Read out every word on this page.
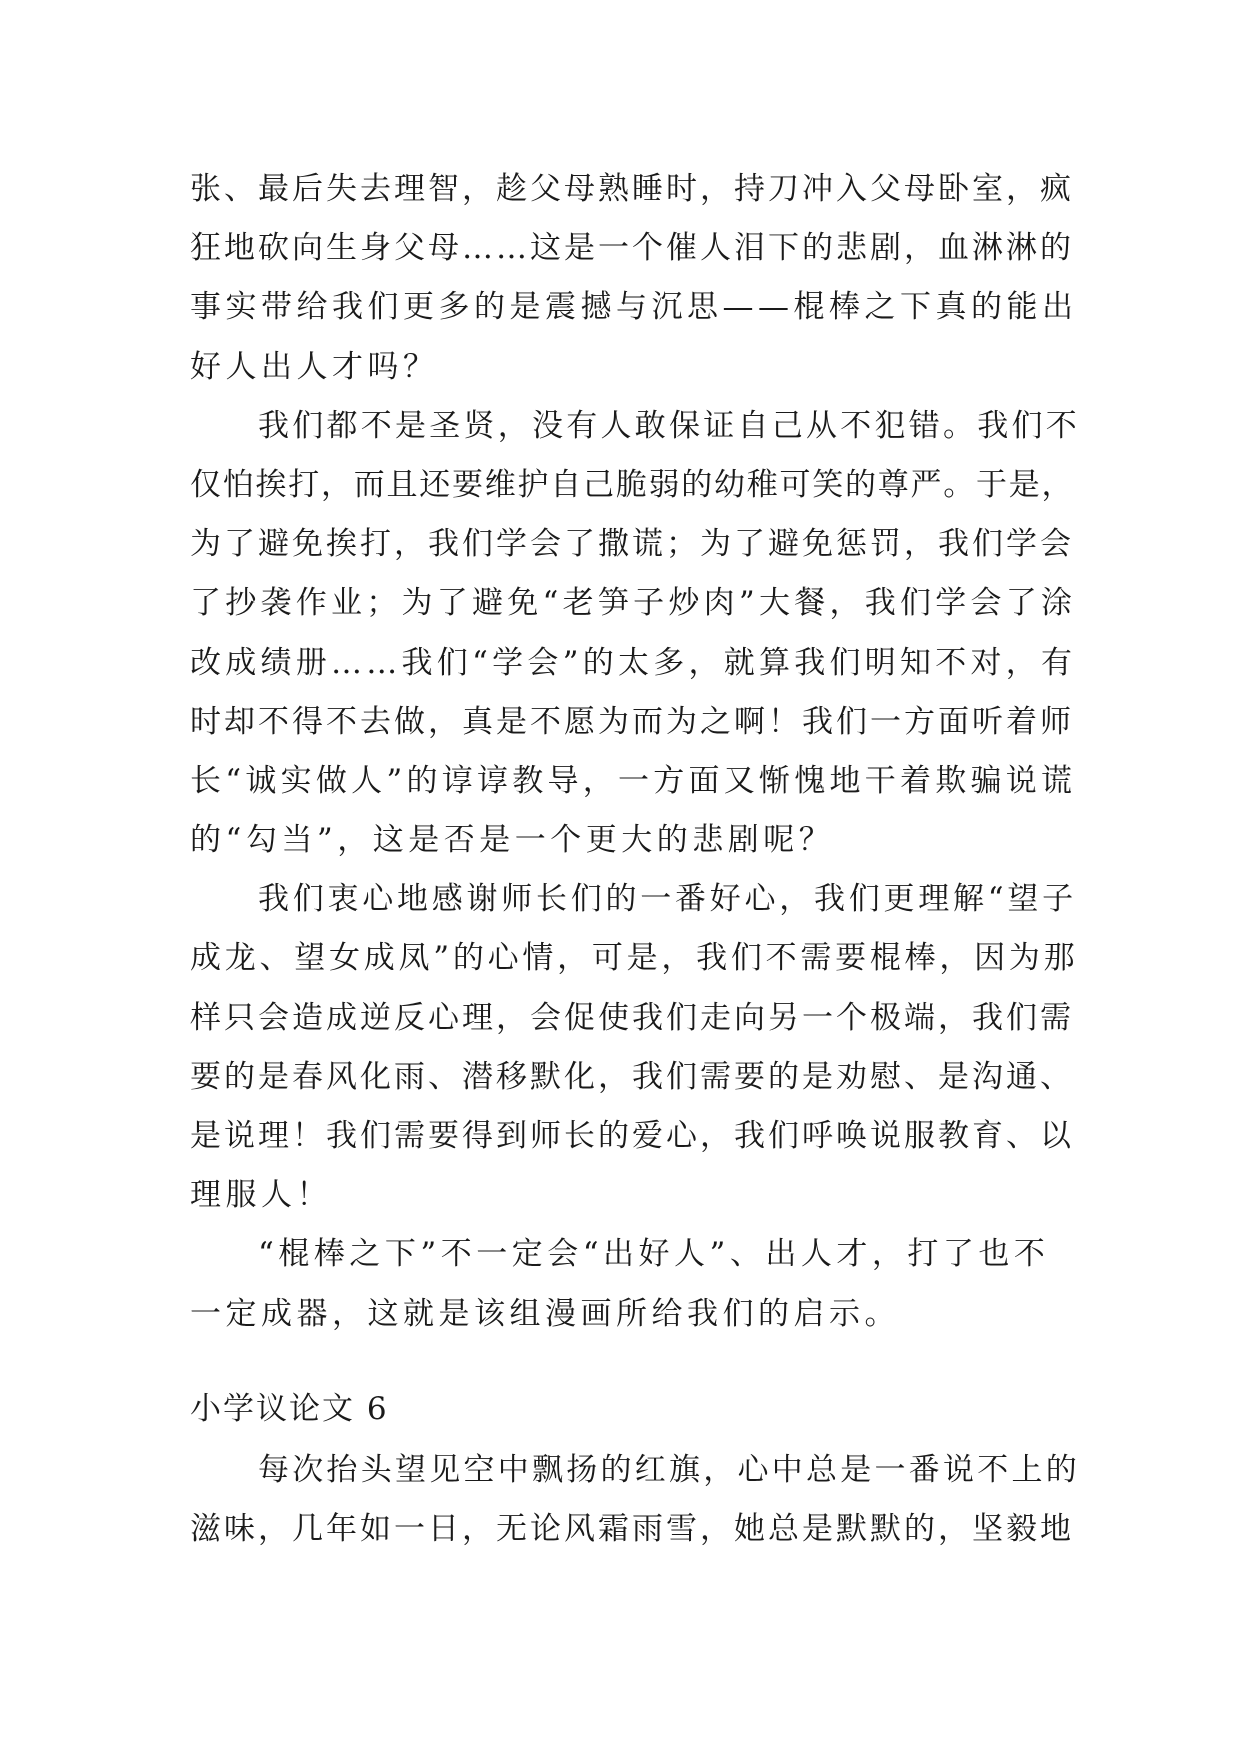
张、最后失去理智，趁父母熟睡时，持刀冲入父母卧室，疯
狂地砍向生身父母……这是一个催人泪下的悲剧，血淋淋的
事实带给我们更多的是震撼与沉思——棍棒之下真的能出
好人出人才吗？
我们都不是圣贤，没有人敢保证自己从不犯错。我们不
仅怕挨打，而且还要维护自己脆弱的幼稚可笑的尊严。于是，
为了避免挨打，我们学会了撒谎；为了避免惩罚，我们学会
了抄袭作业；为了避免“老笋子炒肉”大餐，我们学会了涂
改成绩册……我们“学会”的太多，就算我们明知不对，有
时却不得不去做，真是不愿为而为之啊！我们一方面听着师
长“诚实做人”的谆谆教导，一方面又惭愧地干着欺骗说谎
的“勾当”，这是否是一个更大的悲剧呢？
我们衷心地感谢师长们的一番好心，我们更理解“望子
成龙、望女成凤”的心情，可是，我们不需要棍棒，因为那
样只会造成逆反心理，会促使我们走向另一个极端，我们需
要的是春风化雨、潜移默化，我们需要的是劝慰、是沟通、
是说理！我们需要得到师长的爱心，我们呼唤说服教育、以
理服人！
“棍棒之下”不一定会“出好人”、出人才，打了也不
一定成器，这就是该组漫画所给我们的启示。
小学议论文 6
每次抬头望见空中飘扬的红旗，心中总是一番说不上的
滋味，几年如一日，无论风霜雨雪，她总是默默的，坚毅地
